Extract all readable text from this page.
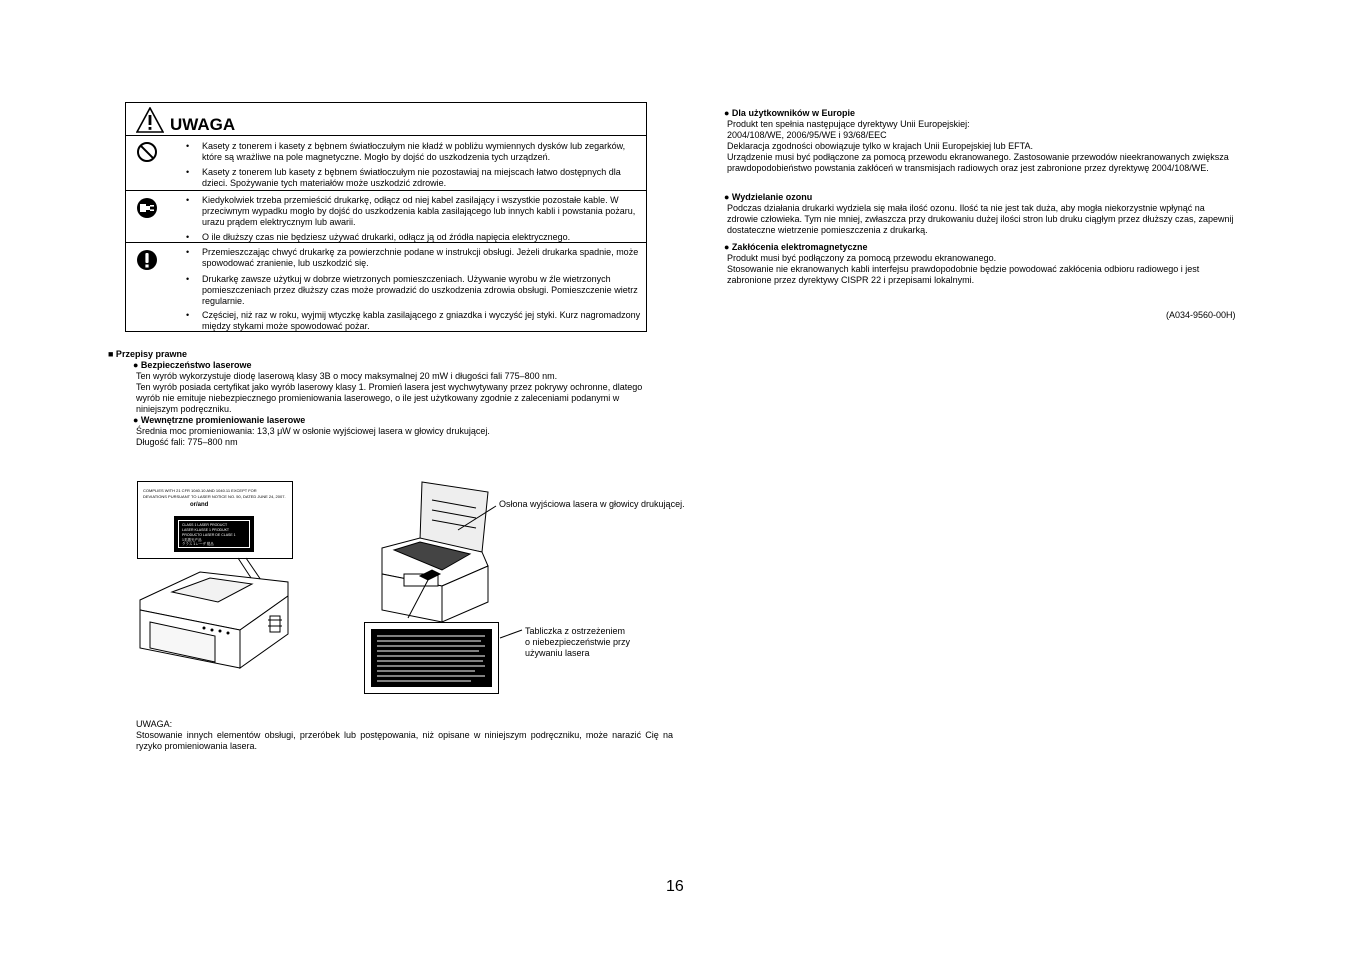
UWAGA
• Kasety z tonerem i kasety z bębnem światłoczułym nie kładź w pobliżu wymiennych dysków lub zegarków, które są wrażliwe na pole magnetyczne. Mogło by dojść do uszkodzenia tych urządzeń.
• Kasety z tonerem lub kasety z bębnem światłoczułym nie pozostawiaj na miejscach łatwo dostępnych dla dzieci. Spożywanie tych materiałów może uszkodzić zdrowie.
• Kiedykolwiek trzeba przemieścić drukarkę, odłącz od niej kabel zasilający i wszystkie pozostałe kable. W przeciwnym wypadku mogło by dojść do uszkodzenia kabla zasilającego lub innych kabli i powstania pożaru, urazu prądem elektrycznym lub awarii.
• O ile dłuższy czas nie będziesz używać drukarki, odłącz ją od źródła napięcia elektrycznego.
• Przemieszczając chwyć drukarkę za powierzchnie podane w instrukcji obsługi. Jeżeli drukarka spadnie, może spowodować zranienie, lub uszkodzić się.
• Drukarkę zawsze użytkuj w dobrze wietrzonych pomieszczeniach. Używanie wyrobu w źle wietrzonych pomieszczeniach przez dłuższy czas może prowadzić do uszkodzenia zdrowia obsługi. Pomieszczenie wietrz regularnie.
• Częściej, niż raz w roku, wyjmij wtyczkę kabla zasilającego z gniazdka i wyczyść jej styki. Kurz nagromadzony między stykami może spowodować pożar.
■ Przepisy prawne
● Bezpieczeństwo laserowe
Ten wyrób wykorzystuje diodę laserową klasy 3B o mocy maksymalnej 20 mW i długości fali 775–800 nm.
Ten wyrób posiada certyfikat jako wyrób laserowy klasy 1. Promień lasera jest wychwytywany przez pokrywy ochronne, dlatego wyrób nie emituje niebezpiecznego promieniowania laserowego, o ile jest użytkowany zgodnie z zaleceniami podanymi w niniejszym podręczniku.
● Wewnętrzne promieniowanie laserowe
Średnia moc promieniowania: 13,3 μW w osłonie wyjściowej lasera w głowicy drukującej.
Długość fali: 775–800 nm
COMPLIES WITH 21 CFR 1040.10 AND 1040.11 EXCEPT FOR
DEVIATIONS PURSUANT TO LASER NOTICE NO. 50, DATED JUNE 24, 2007.
or/and
CLASS 1 LASER PRODUCT
LASER KLASSE 1 PRODUKT
PRODUCTO LASER DE CLASE 1
1类激光产品
クラス 1レーザ 製品
Osłona wyjściowa lasera w głowicy drukującej.
Tabliczka z ostrzeżeniem
o niebezpieczeństwie przy
używaniu lasera
UWAGA:
Stosowanie innych elementów obsługi, przeróbek lub postępowania, niż opisane w niniejszym podręczniku, może narazić Cię na ryzyko promieniowania lasera.
● Dla użytkowników w Europie
Produkt ten spełnia następujące dyrektywy Unii Europejskiej:
2004/108/WE, 2006/95/WE i 93/68/EEC
Deklaracja zgodności obowiązuje tylko w krajach Unii Europejskiej lub EFTA.
Urządzenie musi być podłączone za pomocą przewodu ekranowanego. Zastosowanie przewodów nieekranowanych zwiększa prawdopodobieństwo powstania zakłóceń w transmisjach radiowych oraz jest zabronione przez dyrektywę 2004/108/WE.
● Wydzielanie ozonu
Podczas działania drukarki wydziela się mała ilość ozonu. Ilość ta nie jest tak duża, aby mogła niekorzystnie wpłynąć na zdrowie człowieka. Tym nie mniej, zwłaszcza przy drukowaniu dużej ilości stron lub druku ciągłym przez dłuższy czas, zapewnij dostateczne wietrzenie pomieszczenia z drukarką.
● Zakłócenia elektromagnetyczne
Produkt musi być podłączony za pomocą przewodu ekranowanego.
Stosowanie nie ekranowanych kabli interfejsu prawdopodobnie będzie powodować zakłócenia odbioru radiowego i jest zabronione przez dyrektywy CISPR 22 i przepisami lokalnymi.
(A034-9560-00H)
16
